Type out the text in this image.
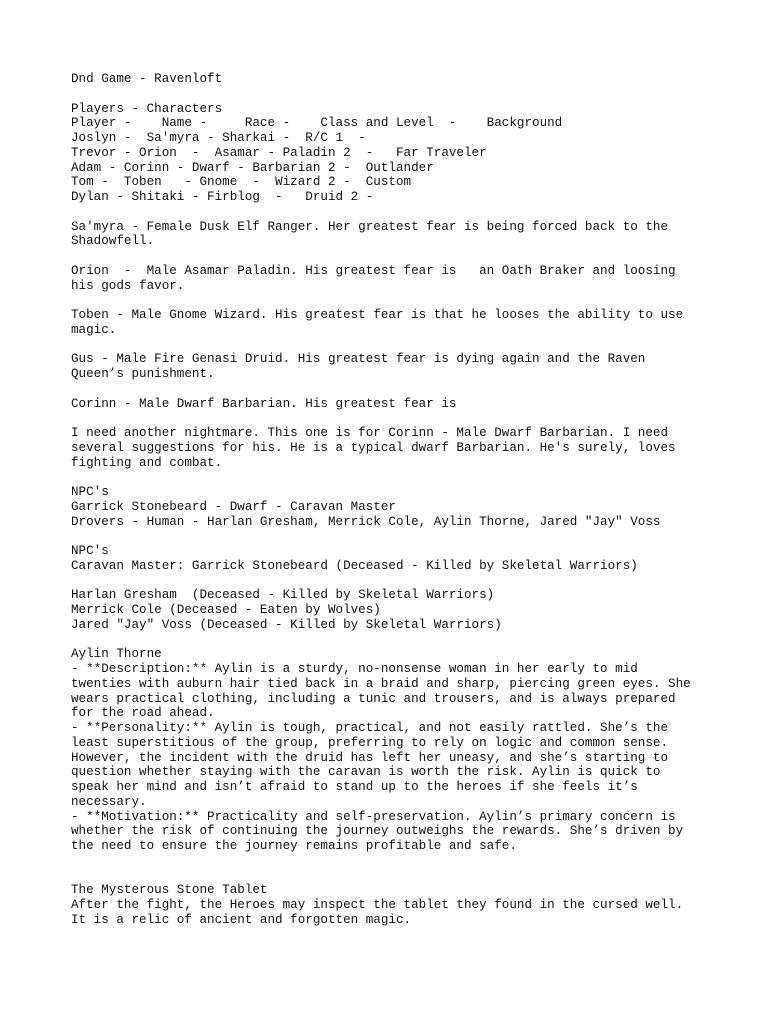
Dnd Game - Ravenloft
Players - Characters
Player -    Name -     Race -    Class and Level  -    Background
Joslyn -  Sa'myra - Sharkai -  R/C 1  -
Trevor - Orion  -  Asamar - Paladin 2  -   Far Traveler
Adam - Corinn - Dwarf - Barbarian 2 -  Outlander
Tom -  Toben   - Gnome  -  Wizard 2 -  Custom
Dylan - Shitaki - Firblog  -   Druid 2 -
Sa'myra - Female Dusk Elf Ranger. Her greatest fear is being forced back to the
Shadowfell.
Orion  -  Male Asamar Paladin. His greatest fear is   an Oath Braker and loosing
his gods favor.
Toben - Male Gnome Wizard. His greatest fear is that he looses the ability to use
magic.
Gus - Male Fire Genasi Druid. His greatest fear is dying again and the Raven
Queen’s punishment.
Corinn - Male Dwarf Barbarian. His greatest fear is
I need another nightmare. This one is for Corinn - Male Dwarf Barbarian. I need
several suggestions for his. He is a typical dwarf Barbarian. He's surely, loves
fighting and combat.
NPC's
Garrick Stonebeard - Dwarf - Caravan Master
Drovers - Human - Harlan Gresham, Merrick Cole, Aylin Thorne, Jared "Jay" Voss
NPC's
Caravan Master: Garrick Stonebeard (Deceased - Killed by Skeletal Warriors)
Harlan Gresham  (Deceased - Killed by Skeletal Warriors)
Merrick Cole (Deceased - Eaten by Wolves)
Jared "Jay" Voss (Deceased - Killed by Skeletal Warriors)
Aylin Thorne
- **Description:** Aylin is a sturdy, no-nonsense woman in her early to mid
twenties with auburn hair tied back in a braid and sharp, piercing green eyes. She
wears practical clothing, including a tunic and trousers, and is always prepared
for the road ahead.
- **Personality:** Aylin is tough, practical, and not easily rattled. She’s the
least superstitious of the group, preferring to rely on logic and common sense.
However, the incident with the druid has left her uneasy, and she’s starting to
question whether staying with the caravan is worth the risk. Aylin is quick to
speak her mind and isn’t afraid to stand up to the heroes if she feels it’s
necessary.
- **Motivation:** Practicality and self-preservation. Aylin’s primary concern is
whether the risk of continuing the journey outweighs the rewards. She’s driven by
the need to ensure the journey remains profitable and safe.
The Mysterous Stone Tablet
After the fight, the Heroes may inspect the tablet they found in the cursed well.
It is a relic of ancient and forgotten magic.
